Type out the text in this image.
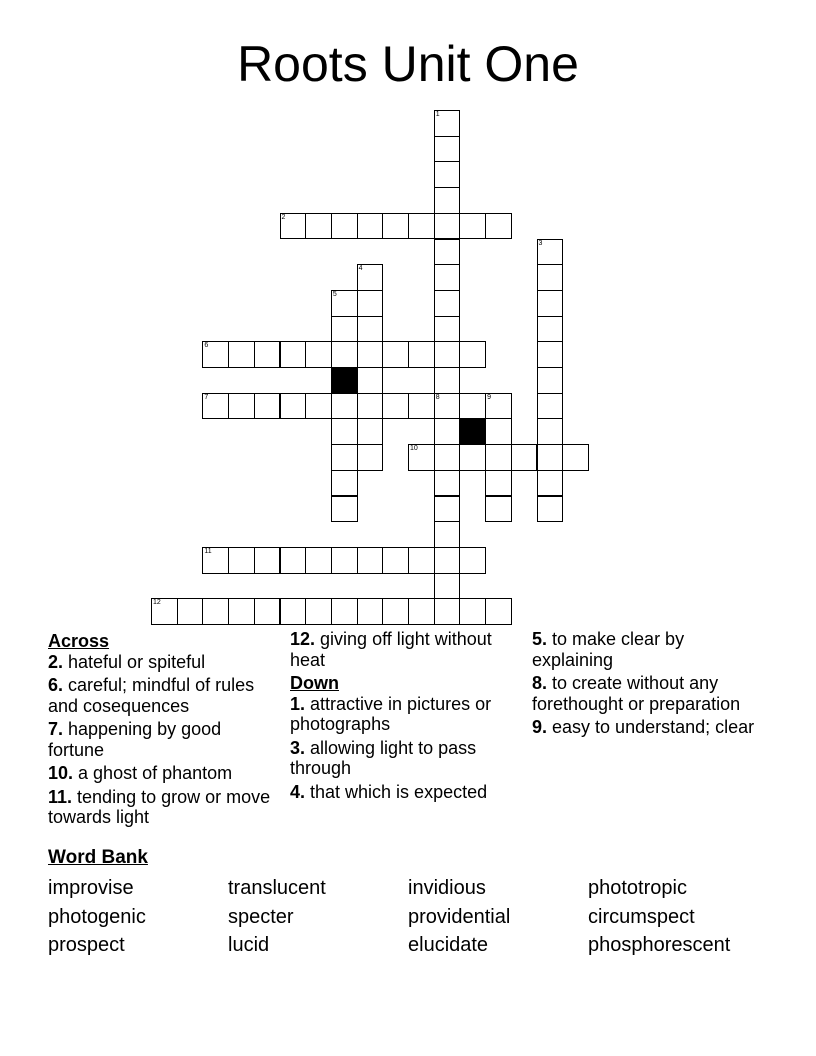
Roots Unit One
1
8
2
3
4
5
6
7	9
10
11
12
Across
2. hateful or spiteful
6. careful; mindful of rules and cosequences
7. happening by good fortune
10. a ghost of phantom
11. tending to grow or move towards light
12. giving off light without heat
Down
1. attractive in pictures or photographs
3. allowing light to pass through
4. that which is expected
5. to make clear by explaining
8. to create without any forethought or preparation
9. easy to understand; clear
Word Bank
improvise
photogenic
prospect
translucent
specter
lucid
invidious
providential
elucidate
phototropic
circumspect
phosphorescent
